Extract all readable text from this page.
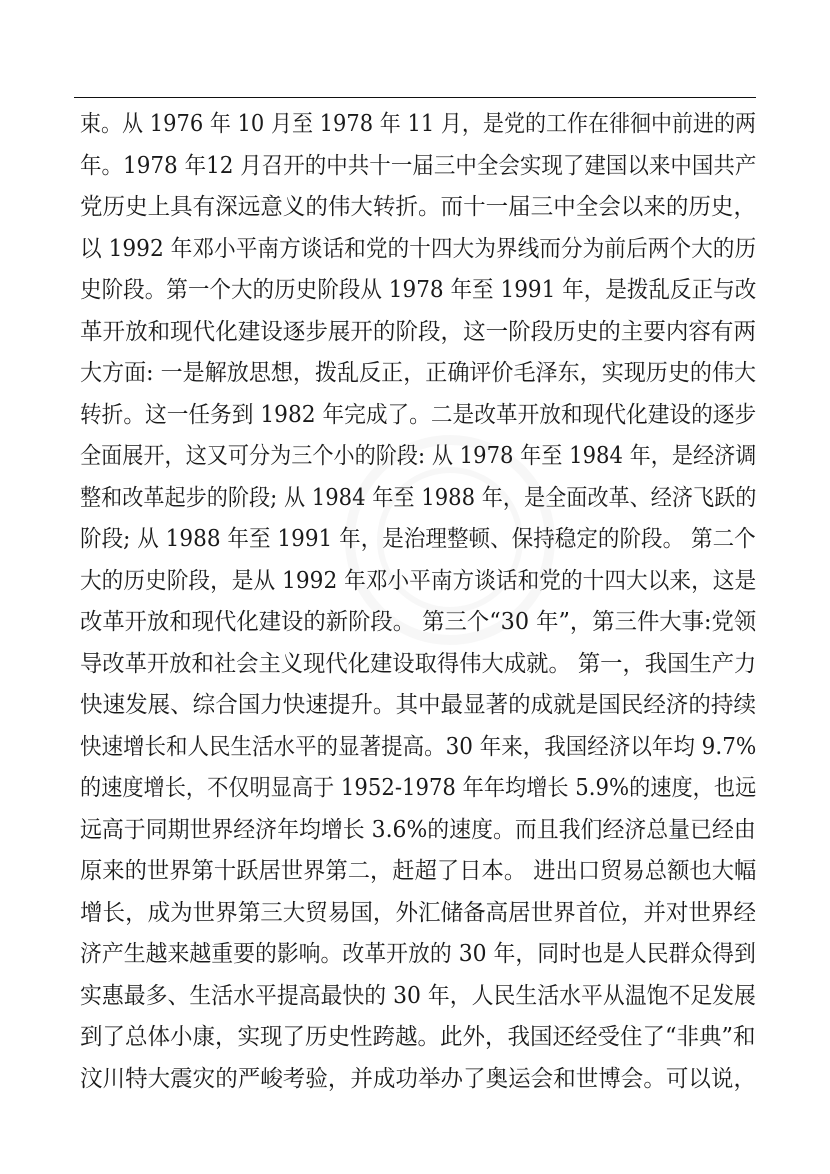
束。从 1976 年 10 月至 1978 年 11 月，是党的工作在徘徊中前进的两
年。1978 年12 月召开的中共十一届三中全会实现了建国以来中国共产
党历史上具有深远意义的伟大转折。而十一届三中全会以来的历史，
以 1992 年邓小平南方谈话和党的十四大为界线而分为前后两个大的历
史阶段。第一个大的历史阶段从 1978 年至 1991 年，是拨乱反正与改
革开放和现代化建设逐步展开的阶段，这一阶段历史的主要内容有两
大方面: 一是解放思想，拨乱反正，正确评价毛泽东，实现历史的伟大
转折。这一任务到 1982 年完成了。二是改革开放和现代化建设的逐步
全面展开，这又可分为三个小的阶段: 从 1978 年至 1984 年，是经济调
整和改革起步的阶段; 从 1984 年至 1988 年，是全面改革、经济飞跃的
阶段; 从 1988 年至 1991 年，是治理整顿、保持稳定的阶段。 第二个
大的历史阶段，是从 1992 年邓小平南方谈话和党的十四大以来，这是
改革开放和现代化建设的新阶段。 第三个“30 年”，第三件大事:党领
导改革开放和社会主义现代化建设取得伟大成就。 第一，我国生产力
快速发展、综合国力快速提升。其中最显著的成就是国民经济的持续
快速增长和人民生活水平的显著提高。30 年来，我国经济以年均 9.7%
的速度增长，不仅明显高于 1952-1978 年年均增长 5.9%的速度，也远
远高于同期世界经济年均增长 3.6%的速度。而且我们经济总量已经由
原来的世界第十跃居世界第二，赶超了日本。 进出口贸易总额也大幅
增长，成为世界第三大贸易国，外汇储备高居世界首位，并对世界经
济产生越来越重要的影响。改革开放的 30 年，同时也是人民群众得到
实惠最多、生活水平提高最快的 30 年，人民生活水平从温饱不足发展
到了总体小康，实现了历史性跨越。此外，我国还经受住了“非典”和
汶川特大震灾的严峻考验，并成功举办了奥运会和世博会。可以说，
